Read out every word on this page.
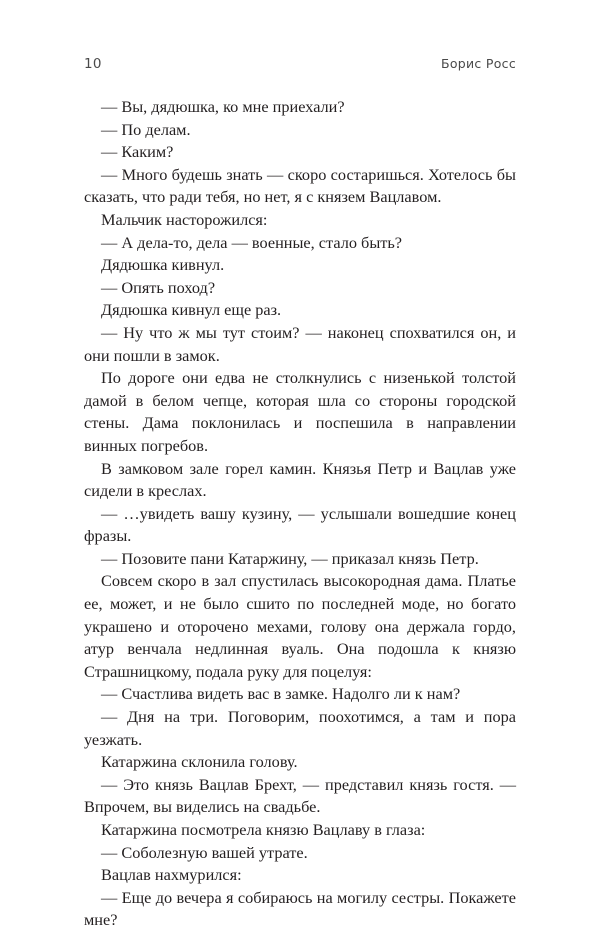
10	Борис Росс

— Вы, дядюшка, ко мне приехали?

— По делам.

— Каким?

— Много будешь знать — скоро состаришься. Хотелось бы сказать, что ради тебя, но нет, я с князем Вацлавом.

Мальчик насторожился:

— А дела-то, дела — военные, стало быть?

Дядюшка кивнул.

— Опять поход?

Дядюшка кивнул еще раз.

— Ну что ж мы тут стоим? — наконец спохватился он, и они пошли в замок.

По дороге они едва не столкнулись с низенькой толстой дамой в белом чепце, которая шла со стороны городской стены. Дама поклонилась и поспешила в направлении винных погребов.

В замковом зале горел камин. Князья Петр и Вацлав уже сидели в креслах.

— …увидеть вашу кузину, — услышали вошедшие конец фразы.

— Позовите пани Катаржину, — приказал князь Петр.

Совсем скоро в зал спустилась высокородная дама. Платье ее, может, и не было сшито по последней моде, но богато украшено и оторочено мехами, голову она держала гордо, атур венчала недлинная вуаль. Она подошла к князю Страшницкому, подала руку для поцелуя:

— Счастлива видеть вас в замке. Надолго ли к нам?

— Дня на три. Поговорим, поохотимся, а там и пора уезжать.

Катаржина склонила голову.

— Это князь Вацлав Брехт, — представил князь гостя. — Впрочем, вы виделись на свадьбе.

Катаржина посмотрела князю Вацлаву в глаза:

— Соболезную вашей утрате.

Вацлав нахмурился:

— Еще до вечера я собираюсь на могилу сестры. Покажете мне?
